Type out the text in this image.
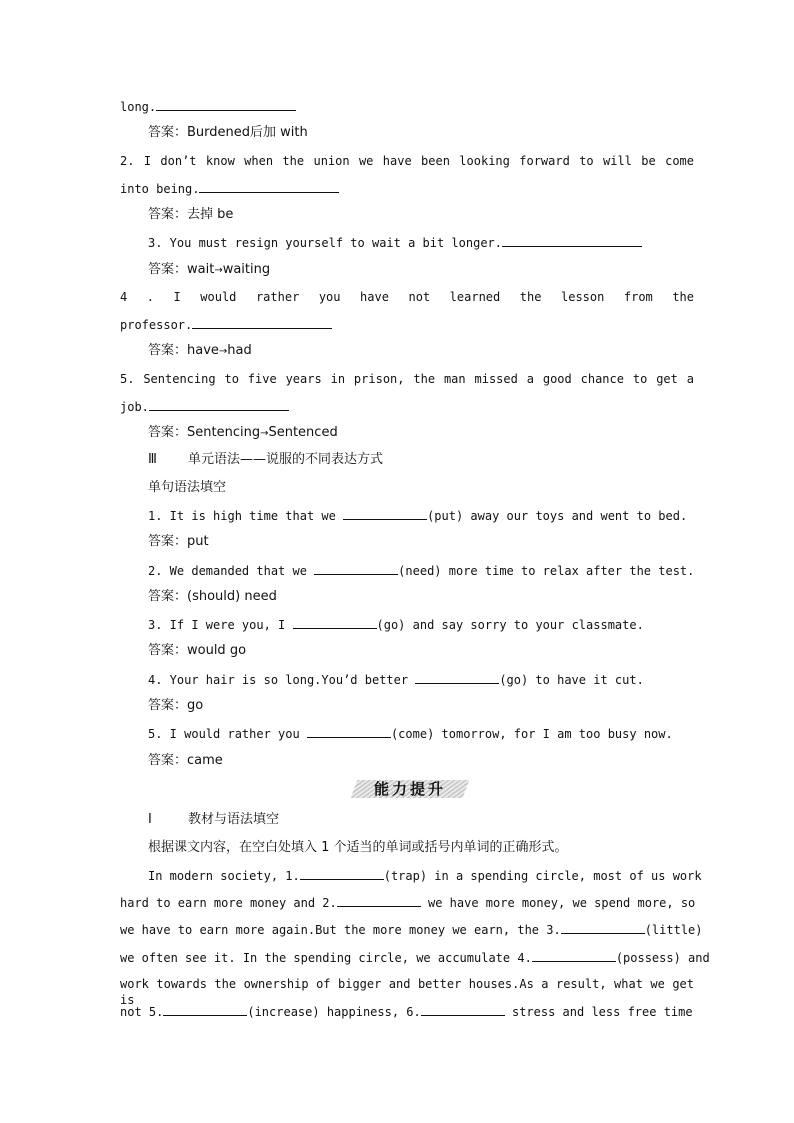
long.
答案：Burdened后加 with
2. I don’t know when the union we have been looking forward to will be come
into being.
答案：去掉 be
3. You must resign yourself to wait a bit longer.
答案：wait→waiting
4 . I would rather you have not learned the lesson from the
professor.
答案：have→had
5. Sentencing to five years in prison, the man missed a good chance to get a
job.
答案：Sentencing→Sentenced
Ⅲ 单元语法——说服的不同表达方式
单句语法填空
1. It is high time that we	(put) away our toys and went to bed.
答案：put
2. We demanded that we	(need) more time to relax after the test.
答案：(should) need
3. If I were you, I	(go) and say sorry to your classmate.
答案：would go
4. Your hair is so long.You’d better	(go) to have it cut.
答案：go
5. I would rather you	(come) tomorrow, for I am too busy now.
答案：came
能力提升
Ⅰ	教材与语法填空
根据课文内容，在空白处填入 1 个适当的单词或括号内单词的正确形式。
In modern society, 1.	(trap) in a spending circle, most of us work
hard to earn more money and 2.	we have more money, we spend more, so
we have to earn more again.But the more money we earn, the 3.	(little)
we often see it. In the spending circle, we accumulate 4.	(possess) and
work towards the ownership of bigger and better houses.As a result, what we get is
not 5.	(increase) happiness, 6.	stress and less free time
